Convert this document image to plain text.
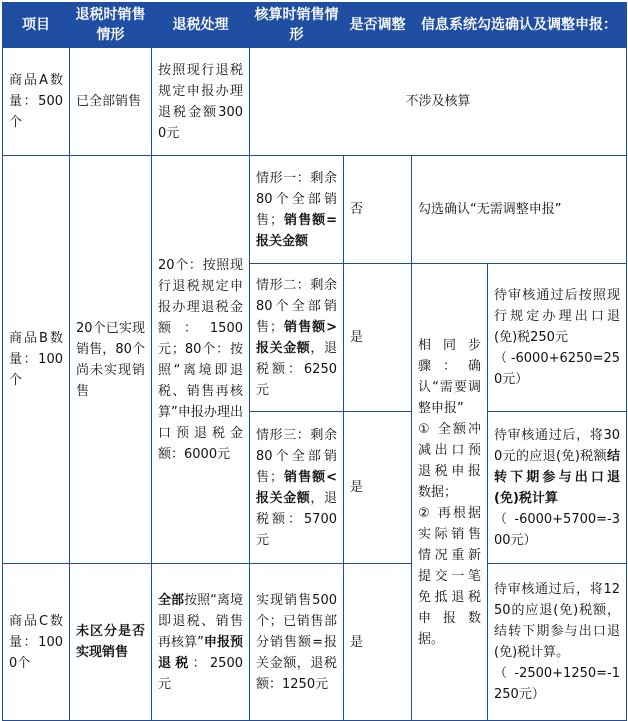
项目	退税时销售情形	退税处理	核算时销售情形	是否调整	信息系统勾选确认及调整申报：	
商品A数量：500个	已全部销售	按照现行退税规定申报办理退税金额3000元	不涉及核算			
商品B数量：100个	20个已实现销售，80个尚未实现销售	20个：按照现行退税规定申报办理退税金额：1500元；80个：按照“离境即退税、销售再核算”申报办理出口预退税金额：6000元	情形一：剩余80个全部销售；销售额=报关金额	否	勾选确认“无需调整申报”	
			情形二：剩余80个全部销售；销售额>报关金额，退税额：6250元	是	相同步骤：确认“需要调整申报”
① 全额冲减出口预退税申报数据；
② 再根据实际销售情况重新提交一笔免抵退税申报数据。	待审核通过后按照现行规定办理出口退(免)税250元
（-6000+6250=250元）
			情形三：剩余80个全部销售；销售额<报关金额，退税额：5700元	是		待审核通过后，将300元的应退(免)税额结转下期参与出口退(免)税计算
（-6000+5700=-300元）
商品C数量：1000个	未区分是否实现销售	全部按照“离境即退税、销售再核算”申报预退税：2500元	实现销售500个；已销售部分销售额=报关金额，退税额：1250元	是		待审核通过后，将1250的应退(免)税额，结转下期参与出口退(免)税计算。
（-2500+1250=-1250元）
